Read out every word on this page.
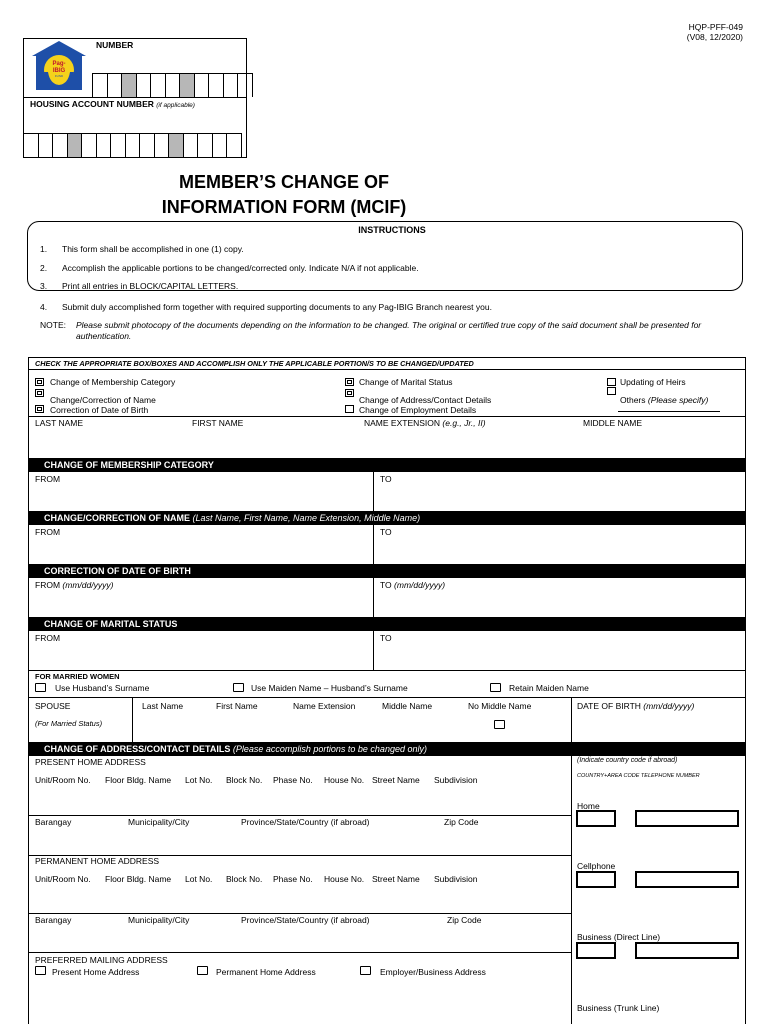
HQP-PFF-049
(V08, 12/2020)
NUMBER
HOUSING ACCOUNT NUMBER (if applicable)
Pag-
IBIG
FUND
MEMBER’S CHANGE OF
INFORMATION FORM (MCIF)
INSTRUCTIONS
1. This form shall be accomplished in one (1) copy.
2. Accomplish the applicable portions to be changed/corrected only. Indicate N/A if not applicable.
3. Print all entries in BLOCK/CAPITAL LETTERS.
4. Submit duly accomplished form together with required supporting documents to any Pag-IBIG Branch nearest you.
NOTE: Please submit photocopy of the documents depending on the information to be changed. The original or certified true copy of the said document shall be presented for authentication.
CHECK THE APPROPRIATE BOX/BOXES AND ACCOMPLISH ONLY THE APPLICABLE PORTION/S TO BE CHANGED/UPDATED
Change of Membership Category
Change/Correction of Name
Correction of Date of Birth
Change of Marital Status
Change of Address/Contact Details
Change of Employment Details
Updating of Heirs
Others (Please specify)
LAST NAME	FIRST NAME	NAME EXTENSION (e.g., Jr., II)	MIDDLE NAME
CHANGE OF MEMBERSHIP CATEGORY
FROM	TO
CHANGE/CORRECTION OF NAME (Last Name, First Name, Name Extension, Middle Name)
FROM	TO
CORRECTION OF DATE OF BIRTH
FROM (mm/dd/yyyy)	TO (mm/dd/yyyy)
CHANGE OF MARITAL STATUS
FROM	TO
FOR MARRIED WOMEN
Use Husband’s Surname	Use Maiden Name – Husband’s Surname	Retain Maiden Name
SPOUSE
(For Married Status)
Last Name	First Name	Name Extension	Middle Name	No Middle Name	DATE OF BIRTH (mm/dd/yyyy)
CHANGE OF ADDRESS/CONTACT DETAILS (Please accomplish portions to be changed only)
PRESENT HOME ADDRESS
Unit/Room No. Floor Bldg. Name Lot No. Block No. Phase No. House No. Street Name Subdivision
Barangay	Municipality/City	Province/State/Country (if abroad)	Zip Code
PERMANENT HOME ADDRESS
Unit/Room No. Floor Bldg. Name Lot No. Block No. Phase No. House No. Street Name Subdivision
Barangay	Municipality/City	Province/State/Country (if abroad)	Zip Code
PREFERRED MAILING ADDRESS
Present Home Address	Permanent Home Address	Employer/Business Address
(Indicate country code if abroad)
COUNTRY+AREA CODE TELEPHONE NUMBER
Home
Cellphone
Business (Direct Line)
Business (Trunk Line)
